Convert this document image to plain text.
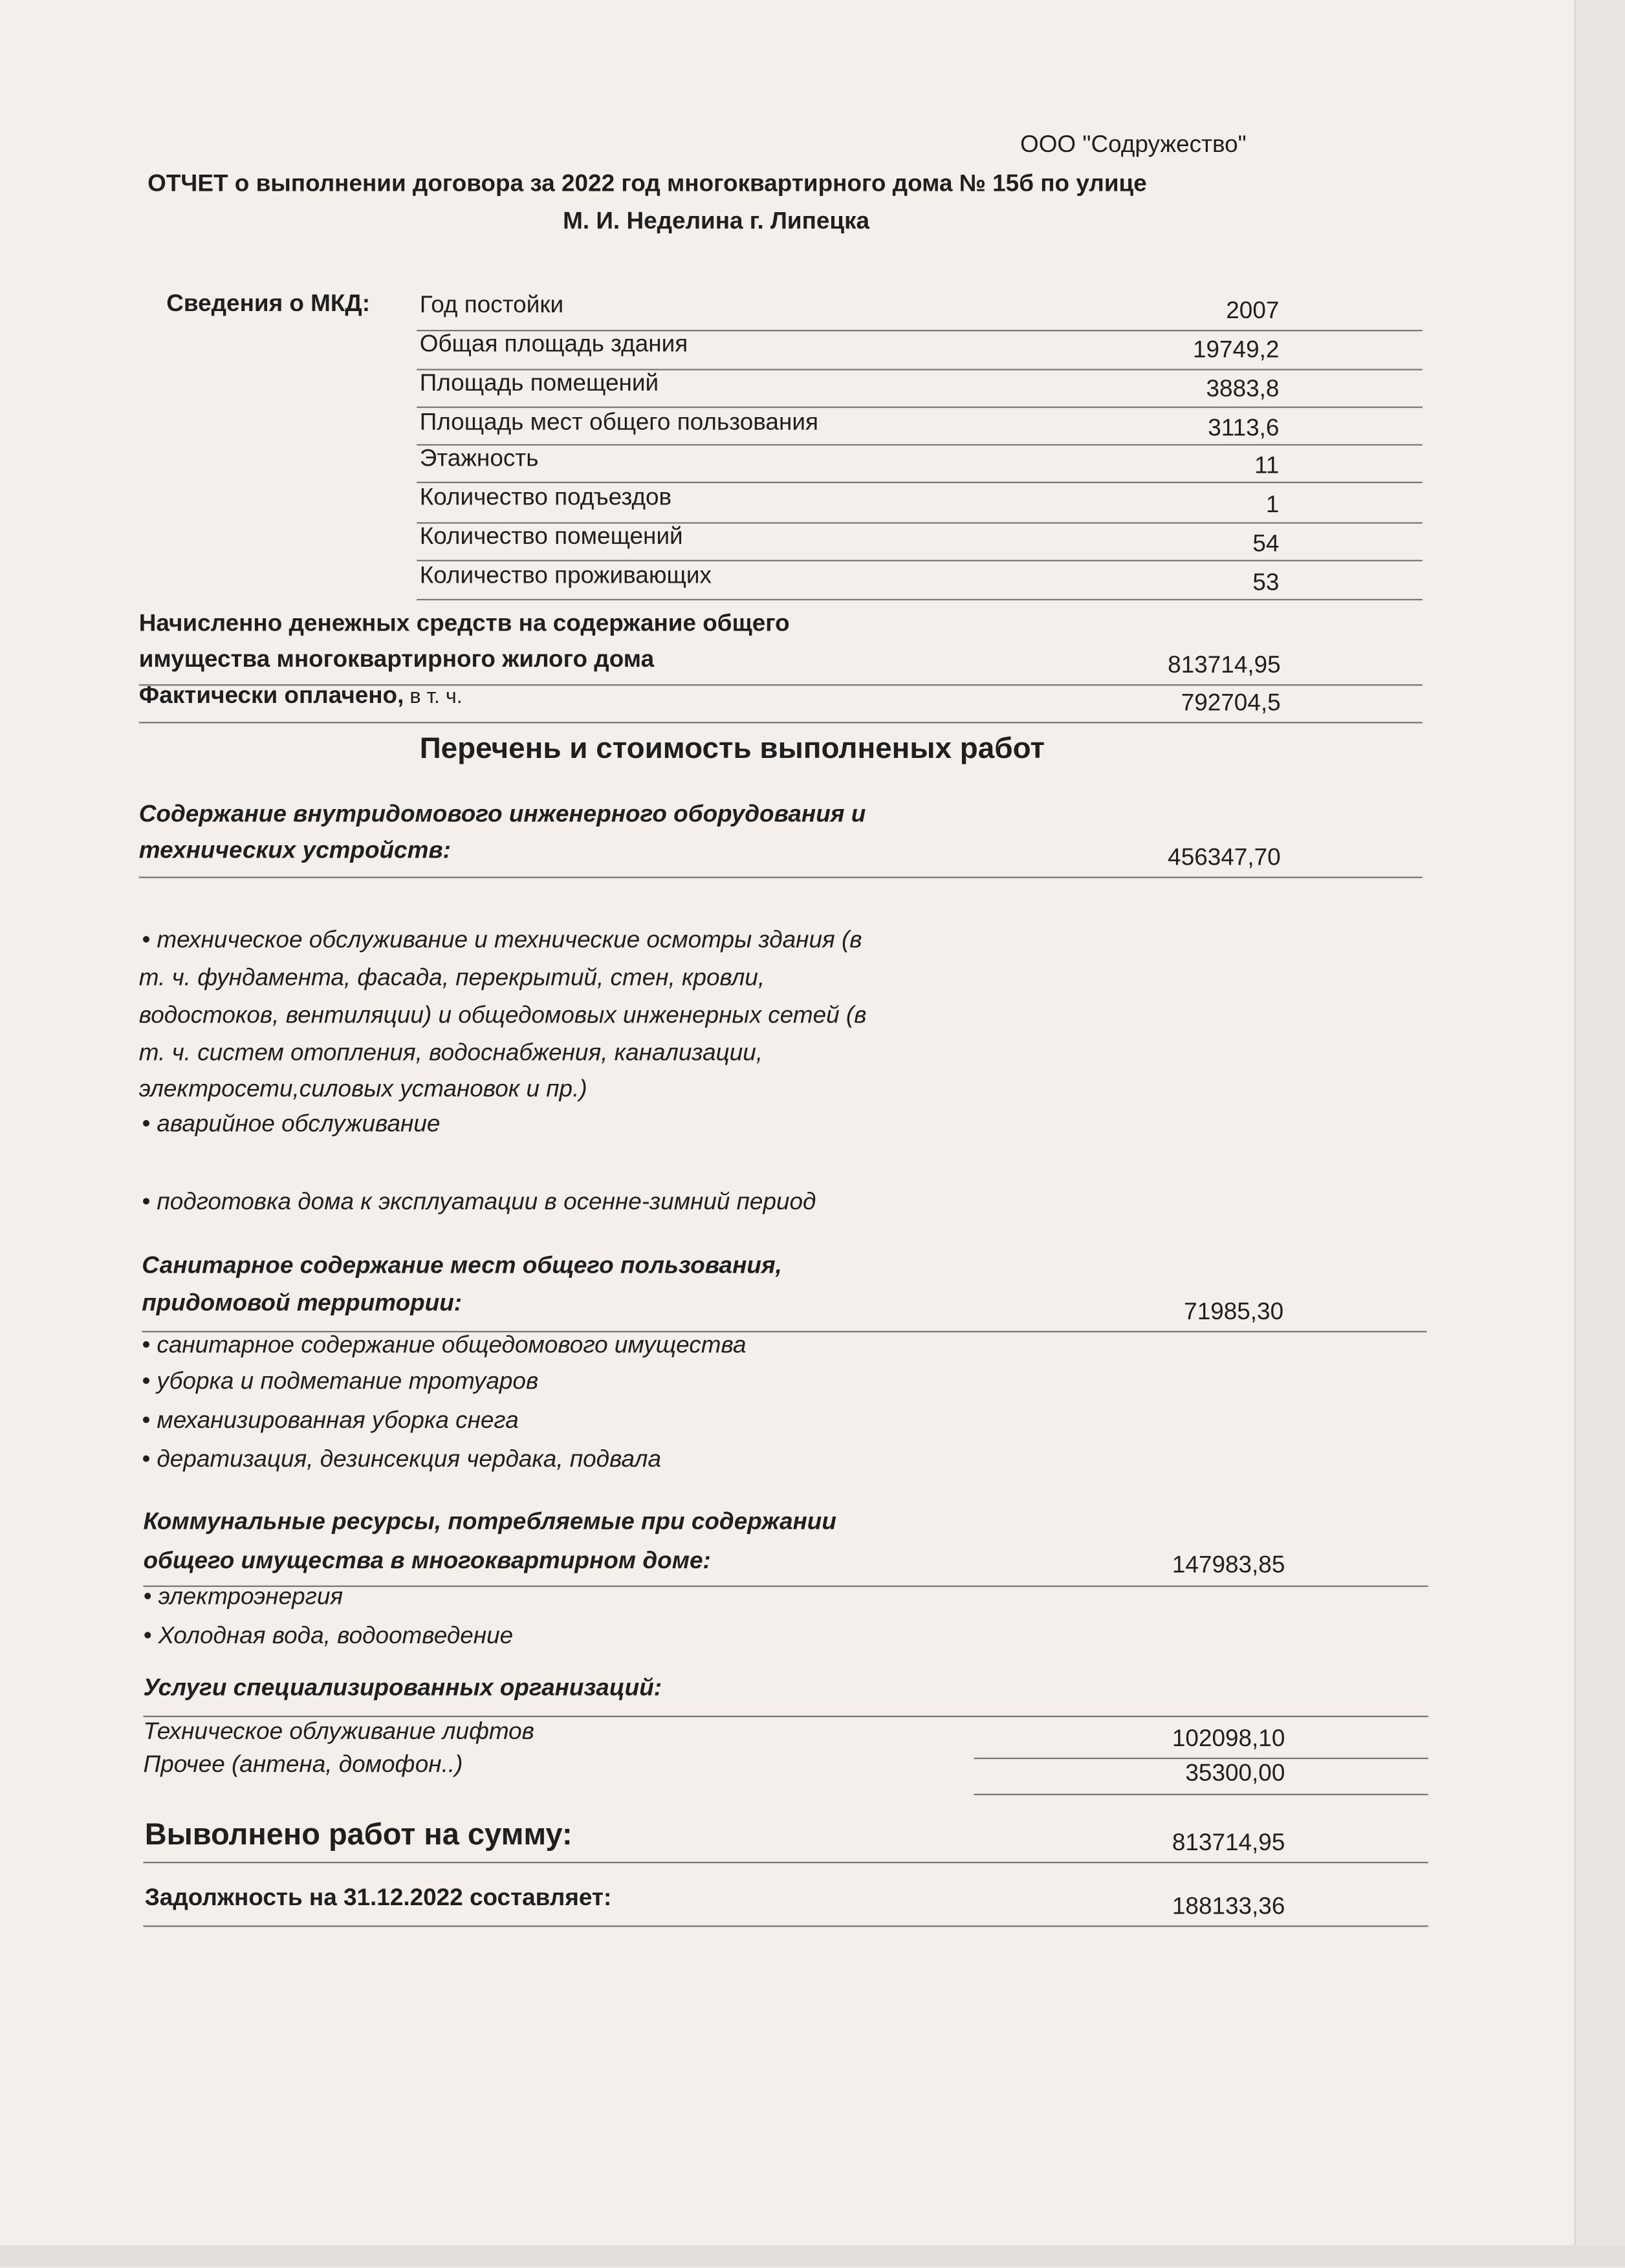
ООО "Содружество"
ОТЧЕТ о выполнении договора за 2022 год многоквартирного дома № 15б по улице
М. И. Неделина г. Липецка
Сведения о МКД:	Год постойки	2007
Общая площадь здания	19749,2
Площадь помещений	3883,8
Площадь мест общего пользования	3113,6
Этажность	11
Количество подъездов	1
Количество помещений	54
Количество проживающих	53
Начисленно денежных средств на содержание общего
имущества многоквартирного жилого дома	813714,95
Фактически оплачено, в т. ч.	792704,5
Перечень и стоимость выполненых работ
Содержание внутридомового инженерного оборудования и
технических устройств:	456347,70
• техническое обслуживание и технические осмотры здания (в
т. ч. фундамента, фасада, перекрытий, стен, кровли,
водостоков, вентиляции) и общедомовых инженерных сетей (в
т. ч. систем отопления, водоснабжения, канализации,
электросети,силовых установок и пр.)
• аварийное обслуживание
• подготовка дома к эксплуатации в осенне-зимний период
Санитарное содержание мест общего пользования,
придомовой территории:	71985,30
• санитарное содержание общедомового имущества
• уборка и подметание тротуаров
• механизированная уборка снега
• дератизация, дезинсекция чердака, подвала
Коммунальные ресурсы, потребляемые при содержании
общего имущества в многоквартирном доме:	147983,85
• электроэнергия
• Холодная вода, водоотведение
Услуги специализированных организаций:
Техническое облуживание лифтов	102098,10
Прочее (антена, домофон..)	35300,00
Выволнено работ на сумму:	813714,95
Задолжность на 31.12.2022 составляет:	188133,36
